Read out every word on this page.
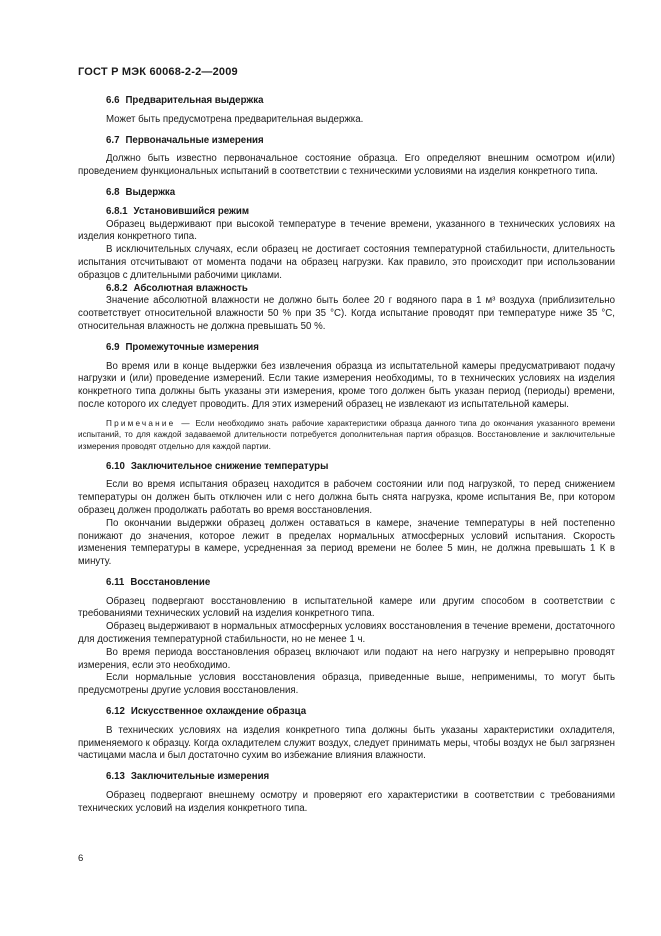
ГОСТ Р МЭК 60068-2-2—2009
6.6 Предварительная выдержка

Может быть предусмотрена предварительная выдержка.

6.7 Первоначальные измерения

Должно быть известно первоначальное состояние образца. Его определяют внешним осмотром и(или) проведением функциональных испытаний в соответствии с техническими условиями на изделия конкретного типа.

6.8 Выдержка
6.8.1 Установившийся режим

Образец выдерживают при высокой температуре в течение времени, указанного в технических условиях на изделия конкретного типа.

В исключительных случаях, если образец не достигает состояния температурной стабильности, длительность испытания отсчитывают от момента подачи на образец нагрузки. Как правило, это происходит при использовании образцов с длительными рабочими циклами.

6.8.2 Абсолютная влажность

Значение абсолютной влажности не должно быть более 20 г водяного пара в 1 м³ воздуха (приблизительно соответствует относительной влажности 50 % при 35 °С). Когда испытание проводят при температуре ниже 35 °С, относительная влажность не должна превышать 50 %.

6.9 Промежуточные измерения

Во время или в конце выдержки без извлечения образца из испытательной камеры предусматривают подачу нагрузки и (или) проведение измерений. Если такие измерения необходимы, то в технических условиях на изделия конкретного типа должны быть указаны эти измерения, кроме того должен быть указан период (периоды) времени, после которого их следует проводить. Для этих измерений образец не извлекают из испытательной камеры.

Примечание — Если необходимо знать рабочие характеристики образца данного типа до окончания указанного времени испытаний, то для каждой задаваемой длительности потребуется дополнительная партия образцов. Восстановление и заключительные измерения проводят отдельно для каждой партии.

6.10 Заключительное снижение температуры

Если во время испытания образец находится в рабочем состоянии или под нагрузкой, то перед снижением температуры он должен быть отключен или с него должна быть снята нагрузка, кроме испытания Ве, при котором образец должен продолжать работать во время восстановления.

По окончании выдержки образец должен оставаться в камере, значение температуры в ней постепенно понижают до значения, которое лежит в пределах нормальных атмосферных условий испытания. Скорость изменения температуры в камере, усредненная за период времени не более 5 мин, не должна превышать 1 К в минуту.

6.11 Восстановление

Образец подвергают восстановлению в испытательной камере или другим способом в соответствии с требованиями технических условий на изделия конкретного типа.

Образец выдерживают в нормальных атмосферных условиях восстановления в течение времени, достаточного для достижения температурной стабильности, но не менее 1 ч.

Во время периода восстановления образец включают или подают на него нагрузку и непрерывно проводят измерения, если это необходимо.

Если нормальные условия восстановления образца, приведенные выше, неприменимы, то могут быть предусмотрены другие условия восстановления.

6.12 Искусственное охлаждение образца

В технических условиях на изделия конкретного типа должны быть указаны характеристики охладителя, применяемого к образцу. Когда охладителем служит воздух, следует принимать меры, чтобы воздух не был загрязнен частицами масла и был достаточно сухим во избежание влияния влажности.

6.13 Заключительные измерения

Образец подвергают внешнему осмотру и проверяют его характеристики в соответствии с требованиями технических условий на изделия конкретного типа.

6
